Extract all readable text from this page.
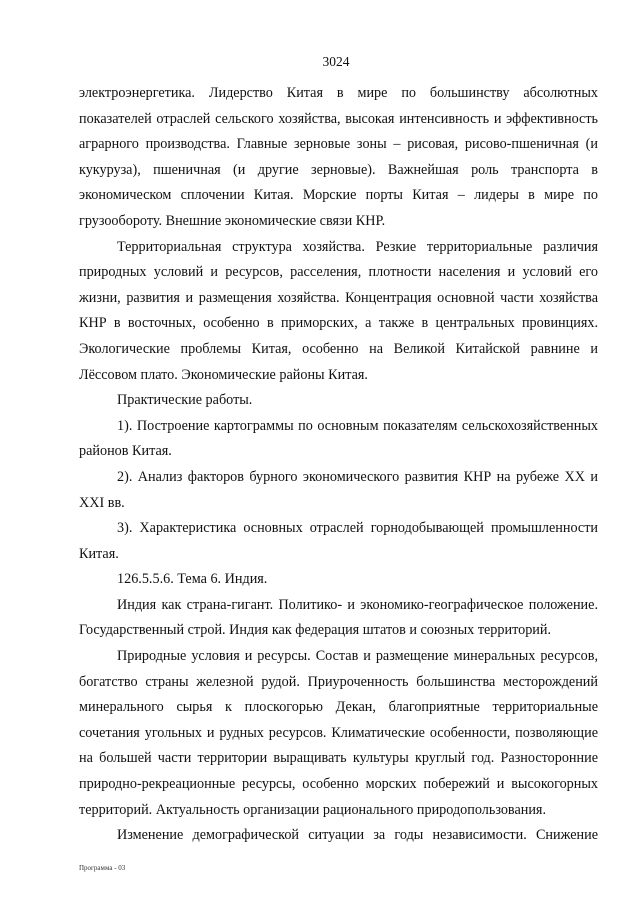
3024

электроэнергетика. Лидерство Китая в мире по большинству абсолютных показателей отраслей сельского хозяйства, высокая интенсивность и эффективность аграрного производства. Главные зерновые зоны – рисовая, рисово-пшеничная (и кукуруза), пшеничная (и другие зерновые). Важнейшая роль транспорта в экономическом сплочении Китая. Морские порты Китая – лидеры в мире по грузообороту. Внешние экономические связи КНР.

Территориальная структура хозяйства. Резкие территориальные различия природных условий и ресурсов, расселения, плотности населения и условий его жизни, развития и размещения хозяйства. Концентрация основной части хозяйства КНР в восточных, особенно в приморских, а также в центральных провинциях. Экологические проблемы Китая, особенно на Великой Китайской равнине и Лёссовом плато. Экономические районы Китая.

Практические работы.

1). Построение картограммы по основным показателям сельскохозяйственных районов Китая.

2). Анализ факторов бурного экономического развития КНР на рубеже XX и XXI вв.

3). Характеристика основных отраслей горнодобывающей промышленности Китая.

126.5.5.6. Тема 6. Индия.

Индия как страна-гигант. Политико- и экономико-географическое положение. Государственный строй. Индия как федерация штатов и союзных территорий.

Природные условия и ресурсы. Состав и размещение минеральных ресурсов, богатство страны железной рудой. Приуроченность большинства месторождений минерального сырья к плоскогорью Декан, благоприятные территориальные сочетания угольных и рудных ресурсов. Климатические особенности, позволяющие на большей части территории выращивать культуры круглый год. Разносторонние природно-рекреационные ресурсы, особенно морских побережий и высокогорных территорий. Актуальность организации рационального природопользования.

Изменение демографической ситуации за годы независимости. Снижение

Программа - 03
